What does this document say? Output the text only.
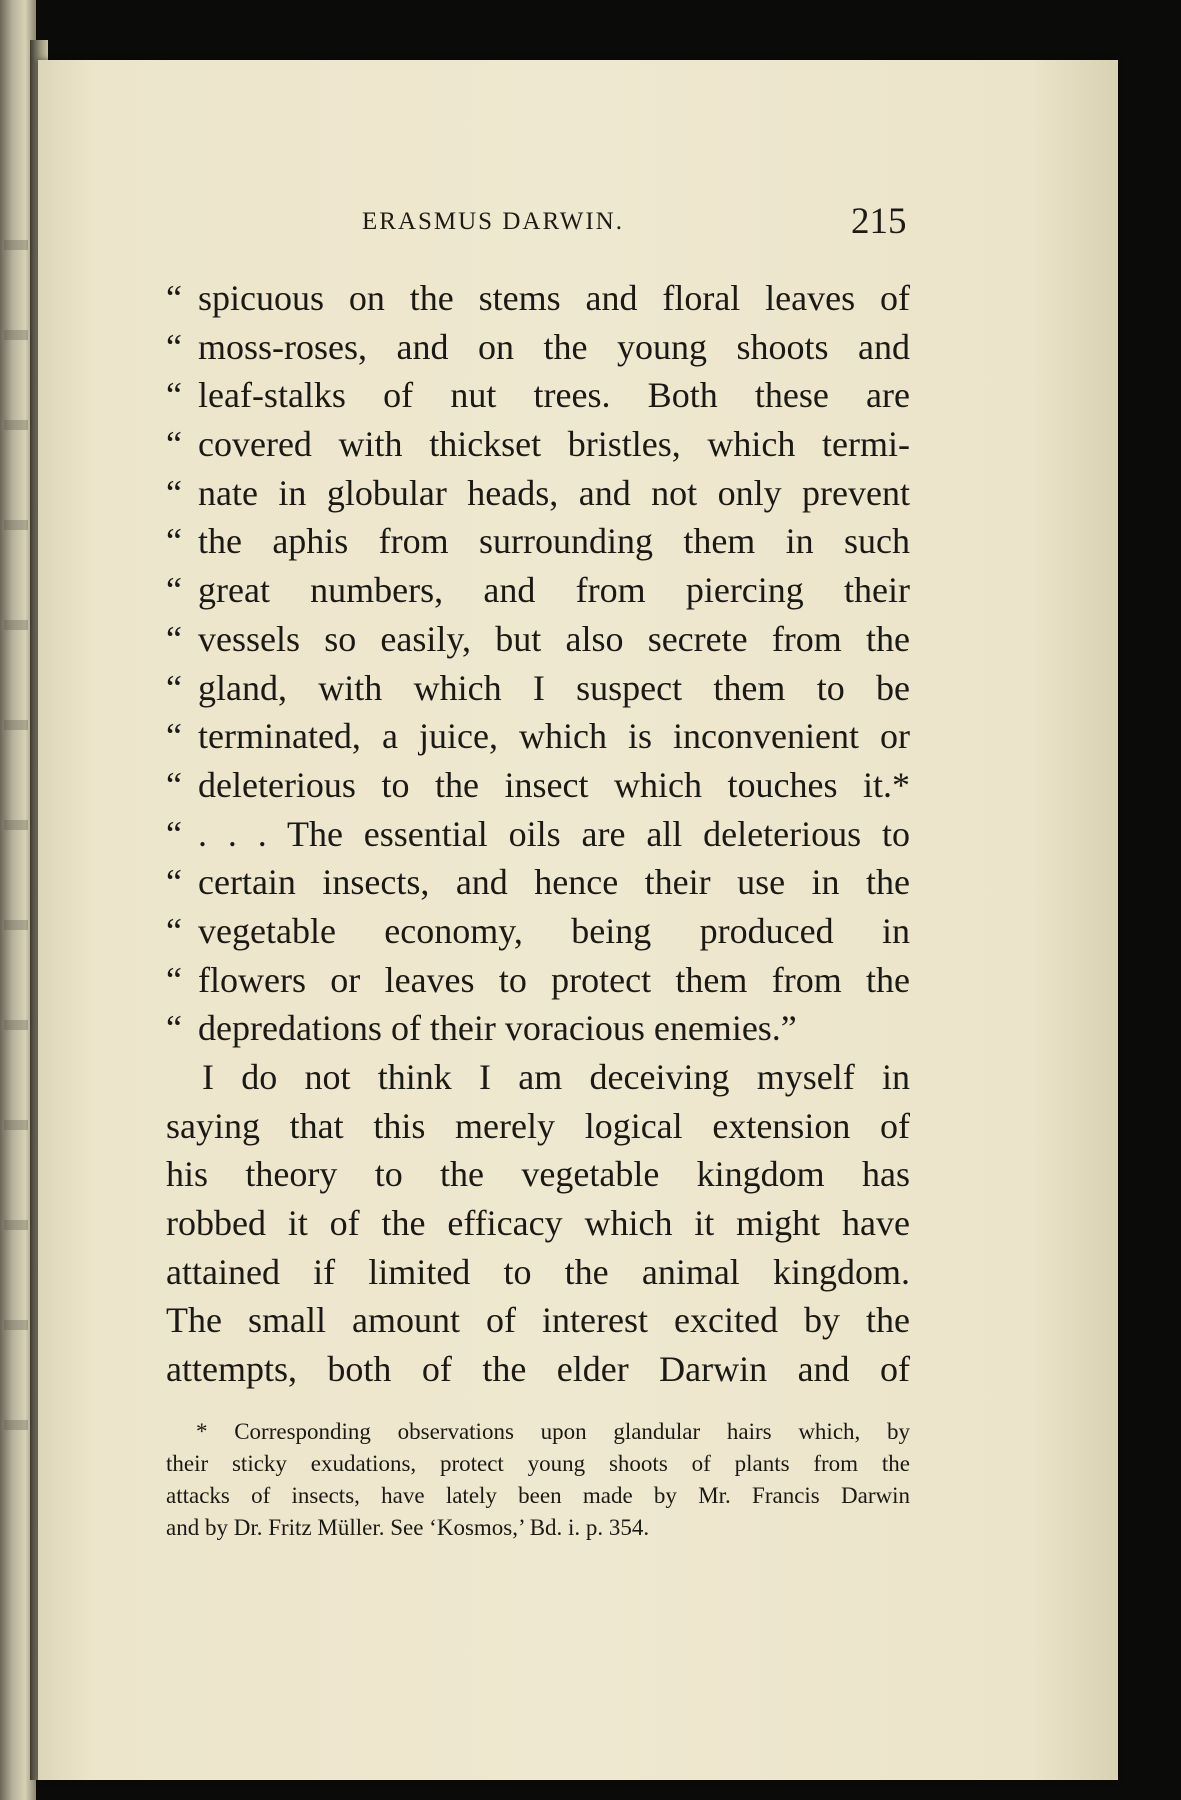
ERASMUS DARWIN.	215
“ spicuous on the stems and floral leaves of
“ moss-roses, and on the young shoots and
“ leaf-stalks of nut trees. Both these are
“ covered with thickset bristles, which termi-
“ nate in globular heads, and not only prevent
“ the aphis from surrounding them in such
“ great numbers, and from piercing their
“ vessels so easily, but also secrete from the
“ gland, with which I suspect them to be
“ terminated, a juice, which is inconvenient or
“ deleterious to the insect which touches it.*
“ . . . The essential oils are all deleterious to
“ certain insects, and hence their use in the
“ vegetable economy, being produced in
“ flowers or leaves to protect them from the
“ depredations of their voracious enemies.”
I do not think I am deceiving myself in
saying that this merely logical extension of
his theory to the vegetable kingdom has
robbed it of the efficacy which it might have
attained if limited to the animal kingdom.
The small amount of interest excited by the
attempts, both of the elder Darwin and of
* Corresponding observations upon glandular hairs which, by
their sticky exudations, protect young shoots of plants from the
attacks of insects, have lately been made by Mr. Francis Darwin
and by Dr. Fritz Müller. See ‘Kosmos,’ Bd. i. p. 354.
